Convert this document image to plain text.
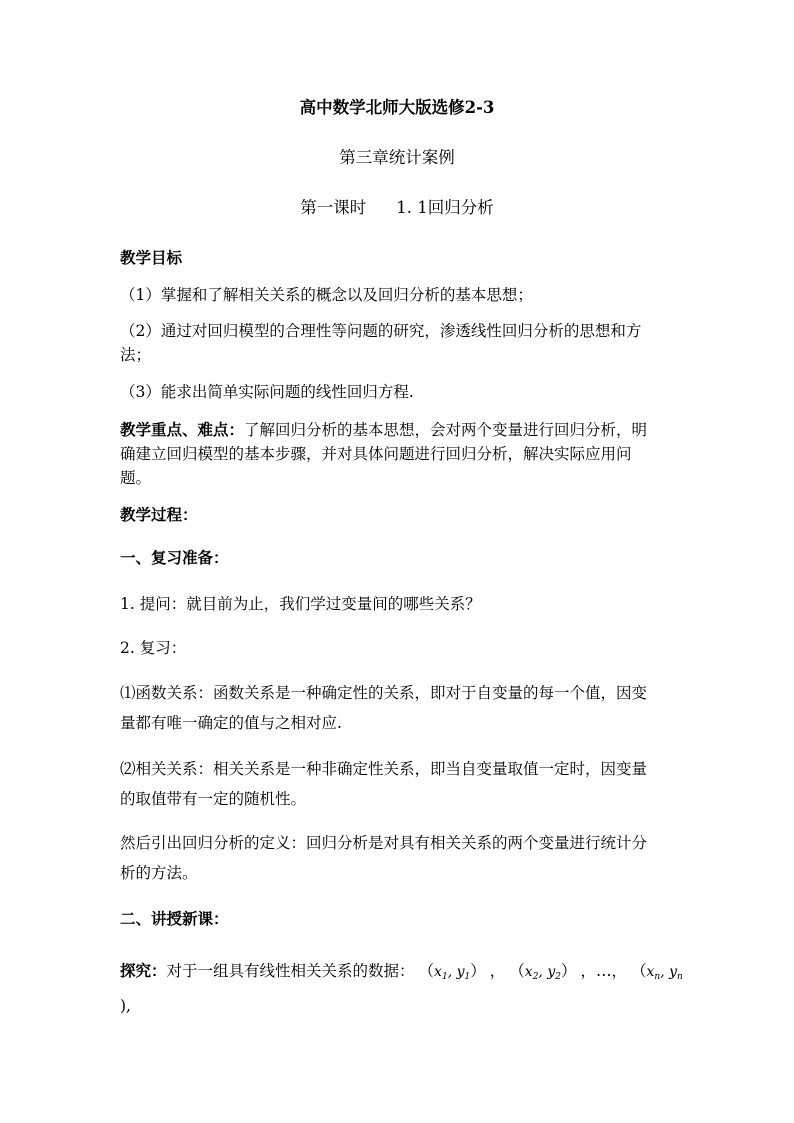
高中数学北师大版选修2-3
第三章统计案例
第一课时 1. 1回归分析
教学目标
（1）掌握和了解相关关系的概念以及回归分析的基本思想；
（2）通过对回归模型的合理性等问题的研究，渗透线性回归分析的思想和方
法；
（3）能求出简单实际问题的线性回归方程.
教学重点、难点：了解回归分析的基本思想，会对两个变量进行回归分析，明
确建立回归模型的基本步骤，并对具体问题进行回归分析，解决实际应用问
题。
教学过程：
一、复习准备：
1. 提问：就目前为止，我们学过变量间的哪些关系？
2. 复习：
⑴函数关系：函数关系是一种确定性的关系，即对于自变量的每一个值，因变
量都有唯一确定的值与之相对应.
⑵相关关系：相关关系是一种非确定性关系，即当自变量取值一定时，因变量
的取值带有一定的随机性。
然后引出回归分析的定义：回归分析是对具有相关关系的两个变量进行统计分
析的方法。
二、讲授新课：
探究：对于一组具有线性相关关系的数据： （$x_1$, $y_1$） ， （$x_2$, $y_2$） ，…， （$x_n$, $y_n$
),
